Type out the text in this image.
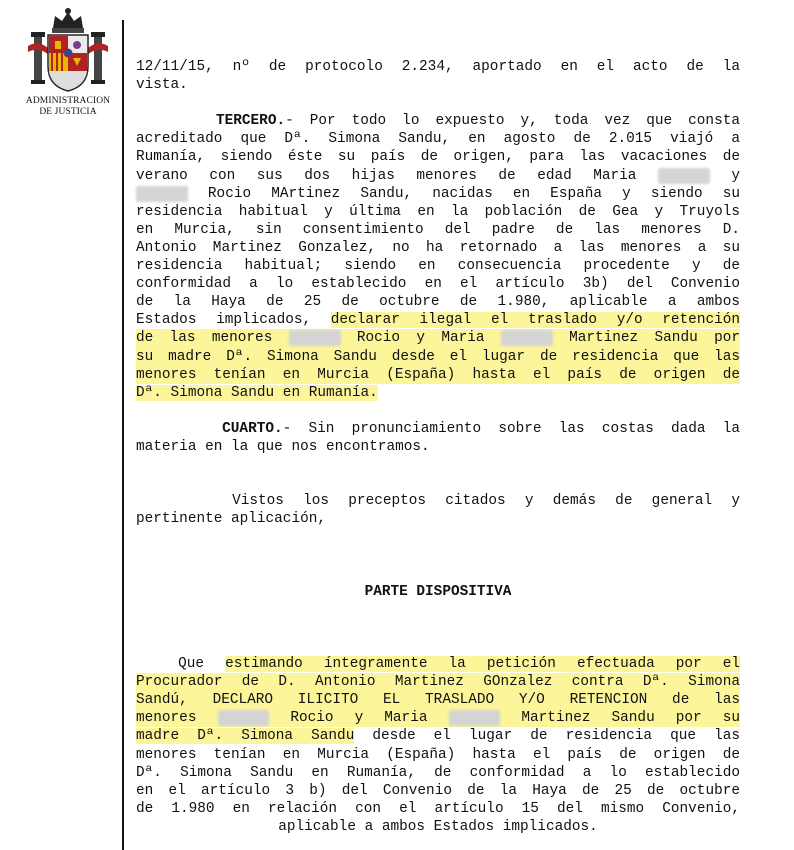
ADMINISTRACION
DE JUSTICIA

12/11/15, nº de protocolo 2.234, aportado en el acto de la

vista.

TERCERO.- Por todo lo expuesto y, toda vez que consta

acreditado que Dª. Simona Sandu, en agosto de 2.015 viajó a

Rumanía, siendo éste su país de origen, para las vacaciones de

verano con sus dos hijas menores de edad Maria	y

Rocio MArtinez Sandu, nacidas en España y siendo su

residencia habitual y última en la población de Gea y Truyols

en Murcia, sin consentimiento del padre de las menores D.

Antonio Martinez Gonzalez, no ha retornado a las menores a su

residencia habitual; siendo en consecuencia procedente y de

conformidad a lo establecido en el artículo 3b) del Convenio

de la Haya de 25 de octubre de 1.980, aplicable a ambos

Estados implicados, declarar ilegal el traslado y/o retención

de las menores	Rocio y Maria	Martinez Sandu por

su madre Dª. Simona Sandu desde el lugar de residencia que las

menores tenían en Murcia (España) hasta el país de origen de

Dª. Simona Sandu en Rumanía.

CUARTO.- Sin pronunciamiento sobre las costas dada la

materia en la que nos encontramos.

Vistos los preceptos citados y demás de general y

pertinente aplicación,

PARTE DISPOSITIVA

Que estimando íntegramente la petición efectuada por el

Procurador de D. Antonio Martinez GOnzalez contra Dª. Simona

Sandú, DECLARO ILICITO EL TRASLADO Y/O RETENCION de las

menores	Rocio y Maria	Martinez Sandu por su

madre Dª. Simona Sandu desde el lugar de residencia que las

menores tenían en Murcia (España) hasta el país de origen de

Dª. Simona Sandu en Rumanía, de conformidad a lo establecido

en el artículo 3 b) del Convenio de la Haya de 25 de octubre

de 1.980 en relación con el artículo 15 del mismo Convenio,

aplicable a ambos Estados implicados.
